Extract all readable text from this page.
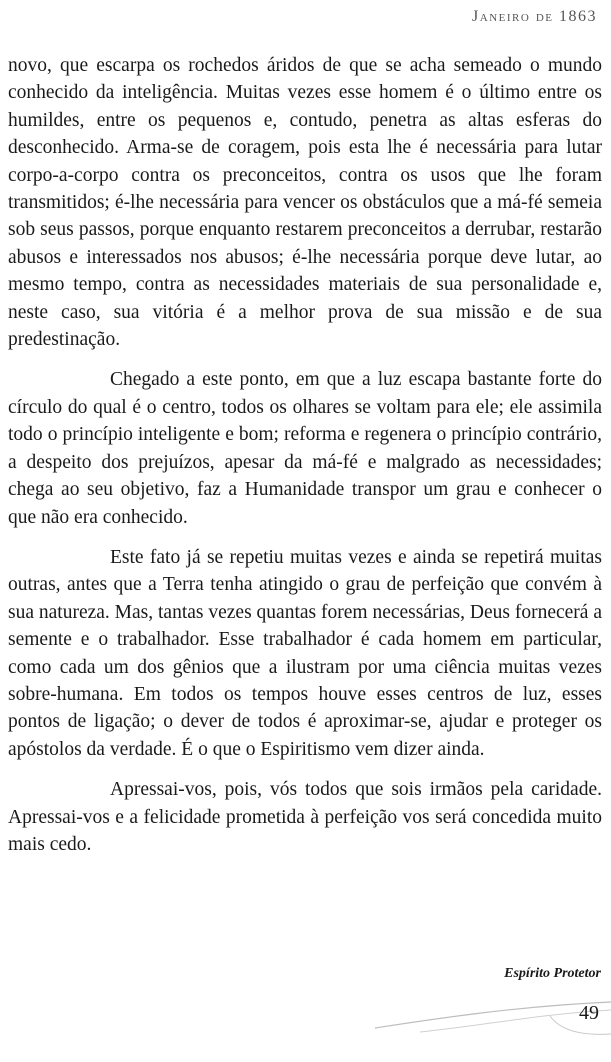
Janeiro de 1863

novo, que escarpa os rochedos áridos de que se acha semeado o mundo conhecido da inteligência. Muitas vezes esse homem é o último entre os humildes, entre os pequenos e, contudo, penetra as altas esferas do desconhecido. Arma-se de coragem, pois esta lhe é necessária para lutar corpo-a-corpo contra os preconceitos, contra os usos que lhe foram transmitidos; é-lhe necessária para vencer os obstáculos que a má-fé semeia sob seus passos, porque enquanto restarem preconceitos a derrubar, restarão abusos e interessados nos abusos; é-lhe necessária porque deve lutar, ao mesmo tempo, contra as necessidades materiais de sua personalidade e, neste caso, sua vitória é a melhor prova de sua missão e de sua predestinação.

Chegado a este ponto, em que a luz escapa bastante forte do círculo do qual é o centro, todos os olhares se voltam para ele; ele assimila todo o princípio inteligente e bom; reforma e regenera o princípio contrário, a despeito dos prejuízos, apesar da má-fé e malgrado as necessidades; chega ao seu objetivo, faz a Humanidade transpor um grau e conhecer o que não era conhecido.

Este fato já se repetiu muitas vezes e ainda se repetirá muitas outras, antes que a Terra tenha atingido o grau de perfeição que convém à sua natureza. Mas, tantas vezes quantas forem necessárias, Deus fornecerá a semente e o trabalhador. Esse trabalhador é cada homem em particular, como cada um dos gênios que a ilustram por uma ciência muitas vezes sobre-humana. Em todos os tempos houve esses centros de luz, esses pontos de ligação; o dever de todos é aproximar-se, ajudar e proteger os apóstolos da verdade. É o que o Espiritismo vem dizer ainda.

Apressai-vos, pois, vós todos que sois irmãos pela caridade. Apressai-vos e a felicidade prometida à perfeição vos será concedida muito mais cedo.

Espírito Protetor
49
